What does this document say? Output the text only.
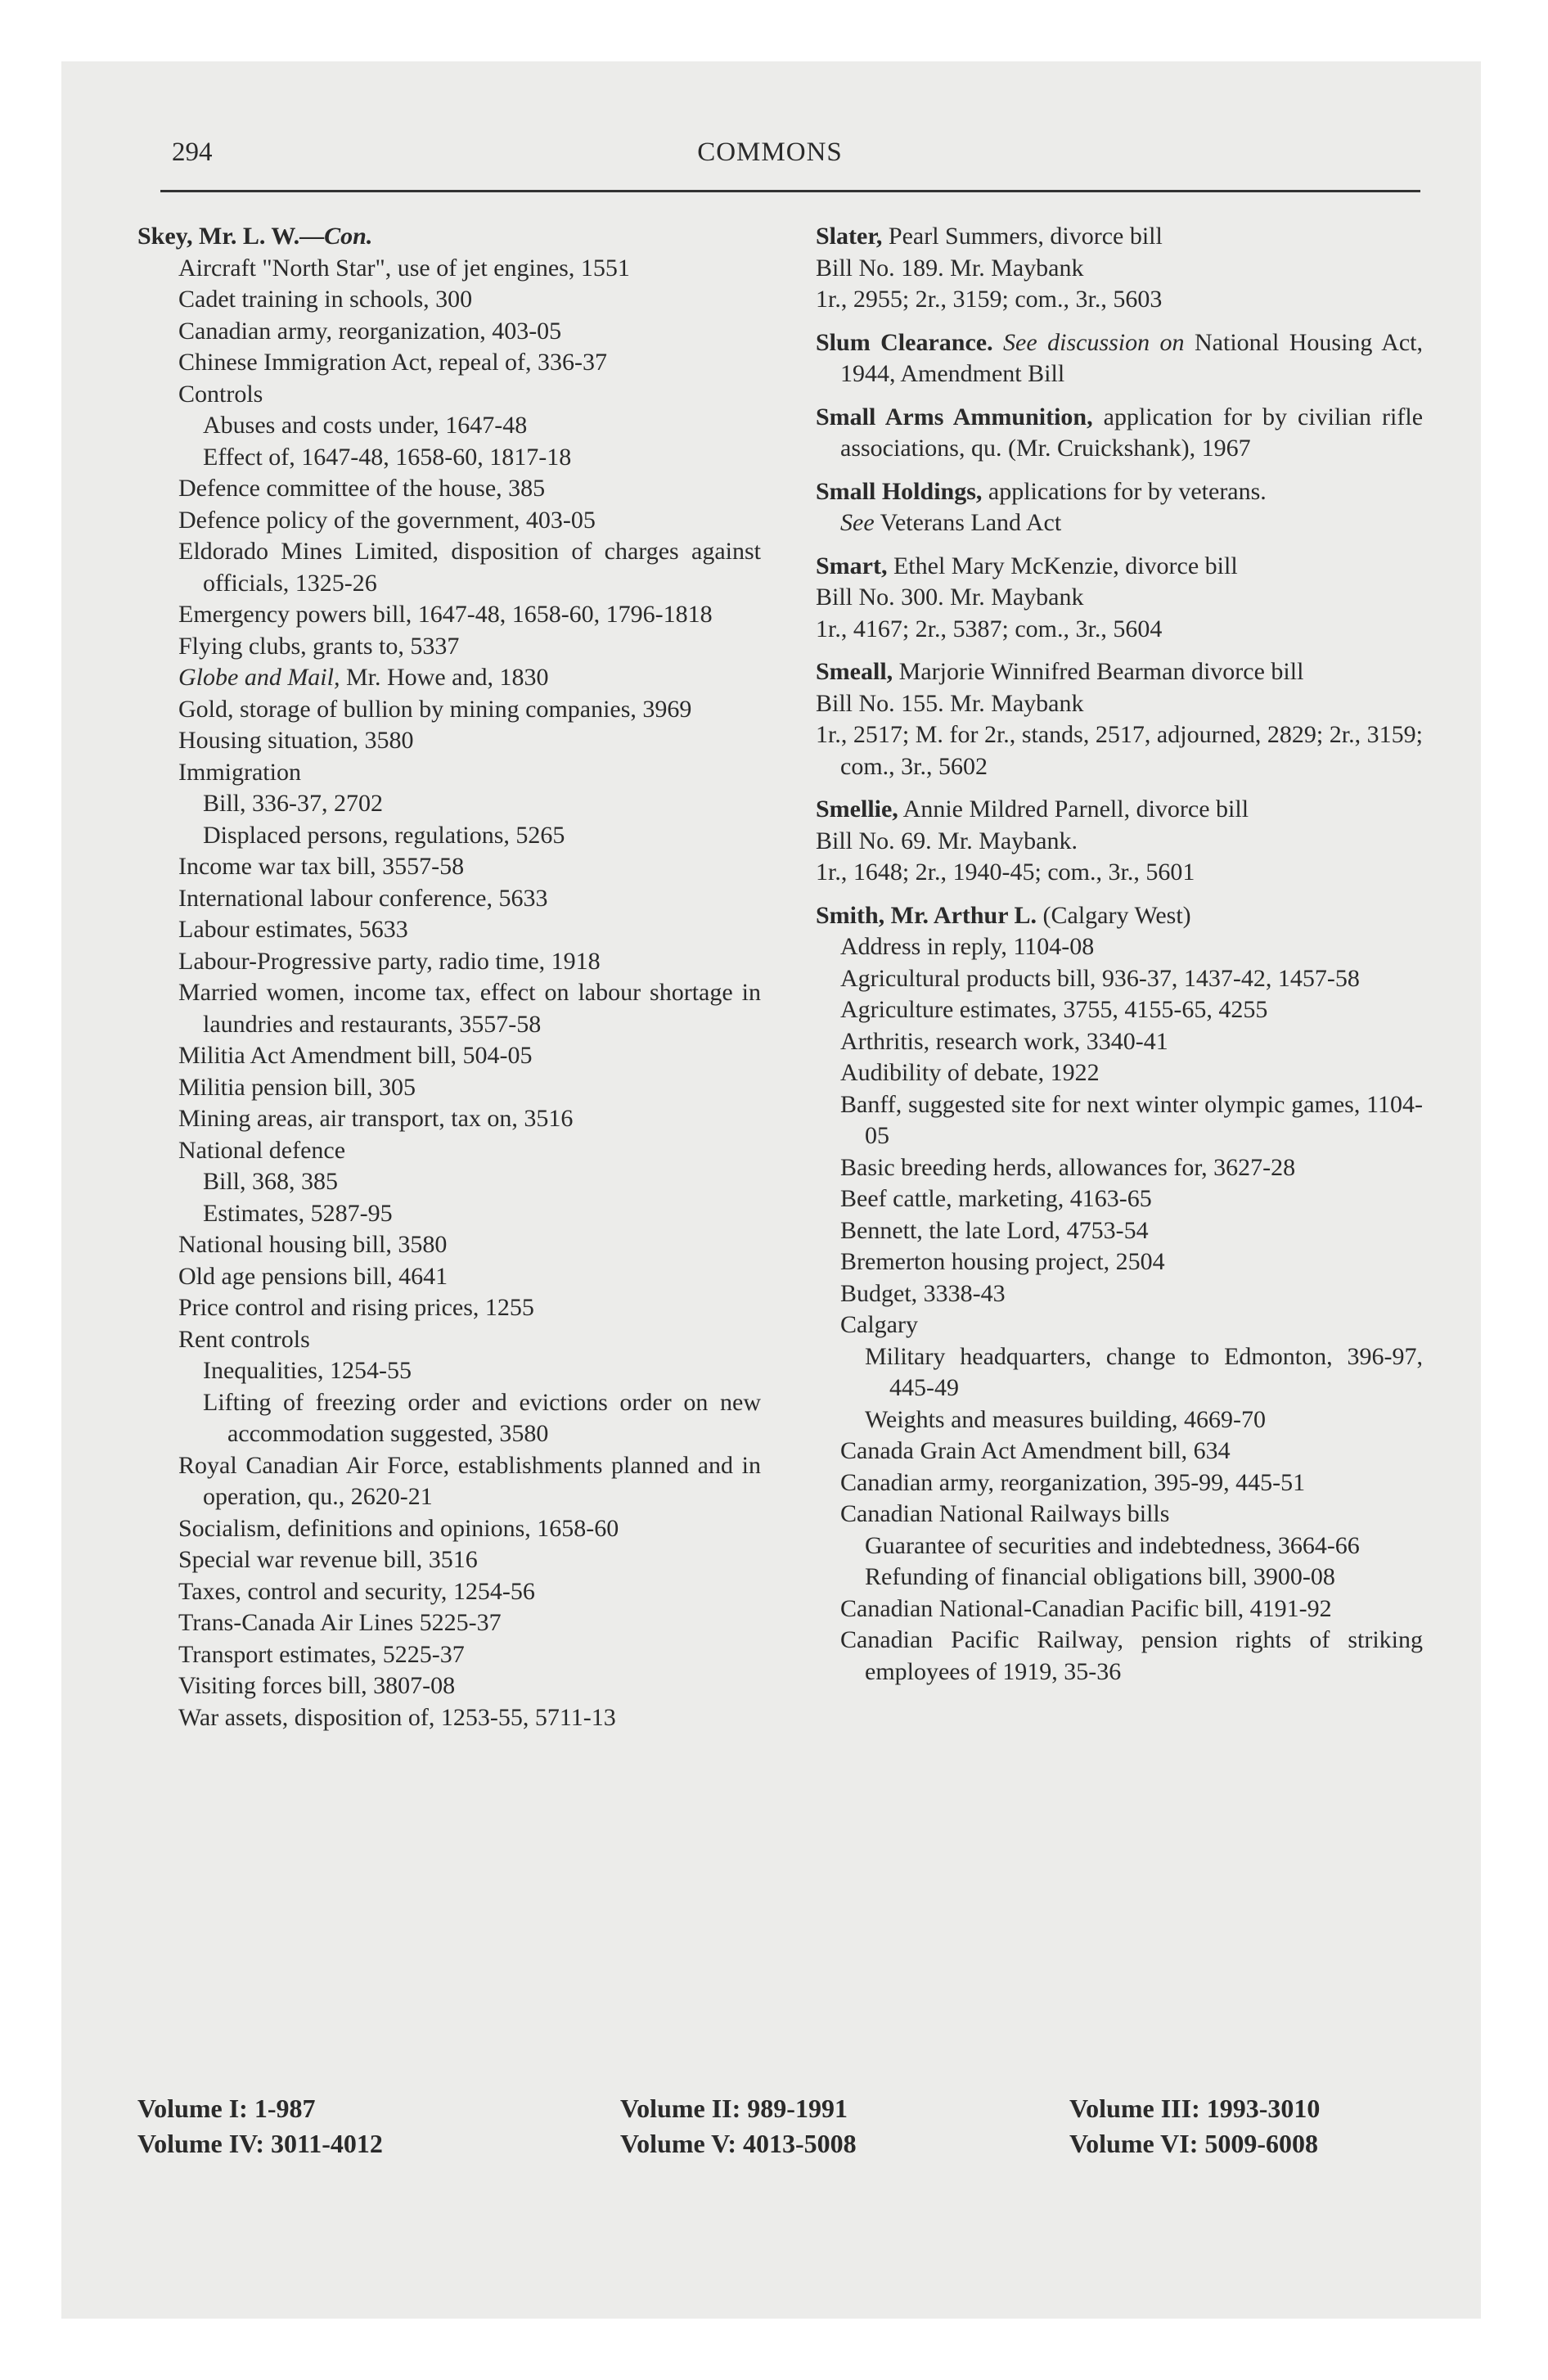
294	COMMONS
Skey, Mr. L. W.—Con.
Aircraft "North Star", use of jet engines, 1551
Cadet training in schools, 300
Canadian army, reorganization, 403-05
Chinese Immigration Act, repeal of, 336-37
Controls
Abuses and costs under, 1647-48
Effect of, 1647-48, 1658-60, 1817-18
Defence committee of the house, 385
Defence policy of the government, 403-05
Eldorado Mines Limited, disposition of charges against officials, 1325-26
Emergency powers bill, 1647-48, 1658-60, 1796-1818
Flying clubs, grants to, 5337
Globe and Mail, Mr. Howe and, 1830
Gold, storage of bullion by mining companies, 3969
Housing situation, 3580
Immigration
Bill, 336-37, 2702
Displaced persons, regulations, 5265
Income war tax bill, 3557-58
International labour conference, 5633
Labour estimates, 5633
Labour-Progressive party, radio time, 1918
Married women, income tax, effect on labour shortage in laundries and restaurants, 3557-58
Militia Act Amendment bill, 504-05
Militia pension bill, 305
Mining areas, air transport, tax on, 3516
National defence
Bill, 368, 385
Estimates, 5287-95
National housing bill, 3580
Old age pensions bill, 4641
Price control and rising prices, 1255
Rent controls
Inequalities, 1254-55
Lifting of freezing order and evictions order on new accommodation suggested, 3580
Royal Canadian Air Force, establishments planned and in operation, qu., 2620-21
Socialism, definitions and opinions, 1658-60
Special war revenue bill, 3516
Taxes, control and security, 1254-56
Trans-Canada Air Lines 5225-37
Transport estimates, 5225-37
Visiting forces bill, 3807-08
War assets, disposition of, 1253-55, 5711-13
Slater, Pearl Summers, divorce bill
Bill No. 189. Mr. Maybank
1r., 2955; 2r., 3159; com., 3r., 5603
Slum Clearance. See discussion on National Housing Act, 1944, Amendment Bill
Small Arms Ammunition, application for by civilian rifle associations, qu. (Mr. Cruickshank), 1967
Small Holdings, applications for by veterans.
See Veterans Land Act
Smart, Ethel Mary McKenzie, divorce bill
Bill No. 300. Mr. Maybank
1r., 4167; 2r., 5387; com., 3r., 5604
Smeall, Marjorie Winnifred Bearman divorce bill
Bill No. 155. Mr. Maybank
1r., 2517; M. for 2r., stands, 2517, adjourned, 2829; 2r., 3159; com., 3r., 5602
Smellie, Annie Mildred Parnell, divorce bill
Bill No. 69. Mr. Maybank.
1r., 1648; 2r., 1940-45; com., 3r., 5601
Smith, Mr. Arthur L. (Calgary West)
Address in reply, 1104-08
Agricultural products bill, 936-37, 1437-42, 1457-58
Agriculture estimates, 3755, 4155-65, 4255
Arthritis, research work, 3340-41
Audibility of debate, 1922
Banff, suggested site for next winter olympic games, 1104-05
Basic breeding herds, allowances for, 3627-28
Beef cattle, marketing, 4163-65
Bennett, the late Lord, 4753-54
Bremerton housing project, 2504
Budget, 3338-43
Calgary
Military headquarters, change to Edmonton, 396-97, 445-49
Weights and measures building, 4669-70
Canada Grain Act Amendment bill, 634
Canadian army, reorganization, 395-99, 445-51
Canadian National Railways bills
Guarantee of securities and indebtedness, 3664-66
Refunding of financial obligations bill, 3900-08
Canadian National-Canadian Pacific bill, 4191-92
Canadian Pacific Railway, pension rights of striking employees of 1919, 35-36
Volume I: 1-987
Volume IV: 3011-4012
Volume II: 989-1991
Volume V: 4013-5008
Volume III: 1993-3010
Volume VI: 5009-6008
